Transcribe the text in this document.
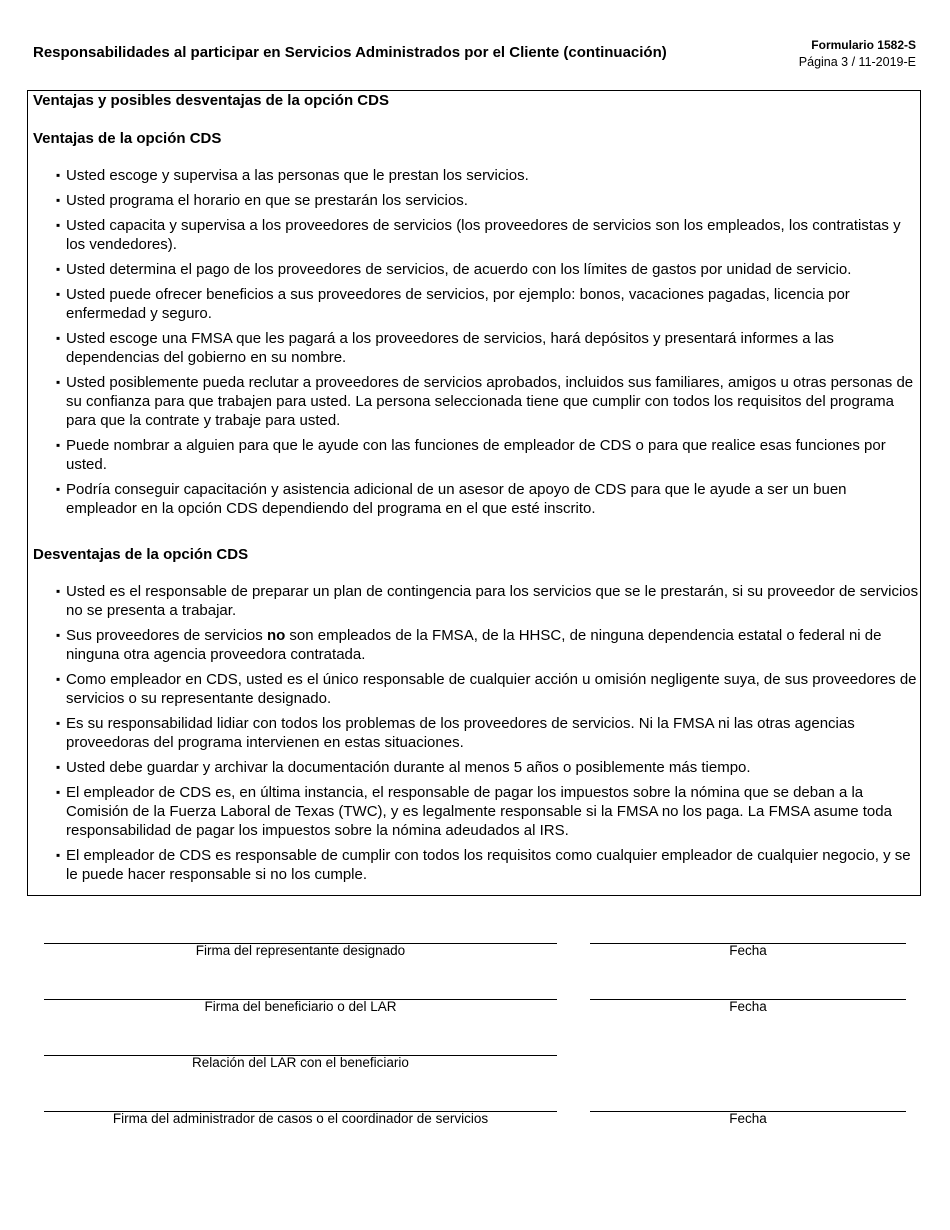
Responsabilidades al participar en Servicios Administrados por el Cliente (continuación)	Formulario 1582-S
Página 3 / 11-2019-E
Ventajas y posibles desventajas de la opción CDS
Ventajas de la opción CDS
▪ Usted escoge y supervisa a las personas que le prestan los servicios.
▪ Usted programa el horario en que se prestarán los servicios.
▪ Usted capacita y supervisa a los proveedores de servicios (los proveedores de servicios son los empleados, los contratistas y los vendedores).
▪ Usted determina el pago de los proveedores de servicios, de acuerdo con los límites de gastos por unidad de servicio.
▪ Usted puede ofrecer beneficios a sus proveedores de servicios, por ejemplo: bonos, vacaciones pagadas, licencia por enfermedad y seguro.
▪ Usted escoge una FMSA que les pagará a los proveedores de servicios, hará depósitos y presentará informes a las dependencias del gobierno en su nombre.
▪ Usted posiblemente pueda reclutar a proveedores de servicios aprobados, incluidos sus familiares, amigos u otras personas de su confianza para que trabajen para usted. La persona seleccionada tiene que cumplir con todos los requisitos del programa para que la contrate y trabaje para usted.
▪ Puede nombrar a alguien para que le ayude con las funciones de empleador de CDS o para que realice esas funciones por usted.
▪ Podría conseguir capacitación y asistencia adicional de un asesor de apoyo de CDS para que le ayude a ser un buen empleador en la opción CDS dependiendo del programa en el que esté inscrito.
Desventajas de la opción CDS
▪ Usted es el responsable de preparar un plan de contingencia para los servicios que se le prestarán, si su proveedor de servicios no se presenta a trabajar.
▪ Sus proveedores de servicios no son empleados de la FMSA, de la HHSC, de ninguna dependencia estatal o federal ni de ninguna otra agencia proveedora contratada.
▪ Como empleador en CDS, usted es el único responsable de cualquier acción u omisión negligente suya, de sus proveedores de servicios o su representante designado.
▪ Es su responsabilidad lidiar con todos los problemas de los proveedores de servicios. Ni la FMSA ni las otras agencias proveedoras del programa intervienen en estas situaciones.
▪ Usted debe guardar y archivar la documentación durante al menos 5 años o posiblemente más tiempo.
▪ El empleador de CDS es, en última instancia, el responsable de pagar los impuestos sobre la nómina que se deban a la Comisión de la Fuerza Laboral de Texas (TWC), y es legalmente responsable si la FMSA no los paga. La FMSA asume toda responsabilidad de pagar los impuestos sobre la nómina adeudados al IRS.
▪ El empleador de CDS es responsable de cumplir con todos los requisitos como cualquier empleador de cualquier negocio, y se le puede hacer responsable si no los cumple.
Firma del representante designado	Fecha
Firma del beneficiario o del LAR	Fecha
Relación del LAR con el beneficiario
Firma del administrador de casos o el coordinador de servicios	Fecha
